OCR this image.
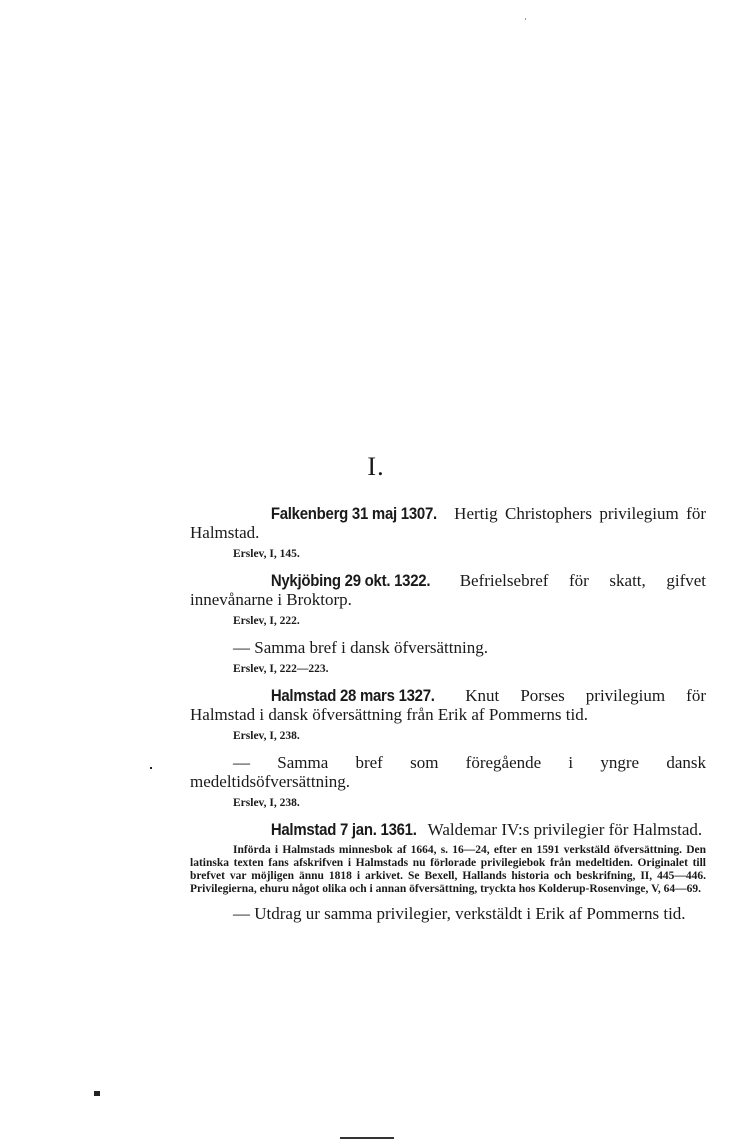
I.

Falkenberg 31 maj 1307. Hertig Christophers privilegium för Halmstad.

Erslev, I, 145.

Nykjöbing 29 okt. 1322. Befrielsebref för skatt, gifvet innevånarne i Broktorp.

Erslev, I, 222.

— Samma bref i dansk öfversättning.

Erslev, I, 222—223.

Halmstad 28 mars 1327. Knut Porses privilegium för Halmstad i dansk öfversättning från Erik af Pommerns tid.

Erslev, I, 238.

— Samma bref som föregående i yngre dansk medeltidsöfversättning.

Erslev, I, 238.

Halmstad 7 jan. 1361. Waldemar IV:s privilegier för Halmstad.

Införda i Halmstads minnesbok af 1664, s. 16—24, efter en 1591 verkstäld öfversättning. Den latinska texten fans afskrifven i Halmstads nu förlorade privilegiebok från medeltiden. Originalet till brefvet var möjligen ännu 1818 i arkivet. Se Bexell, Hallands historia och beskrifning, II, 445—446. Privilegierna, ehuru något olika och i annan öfversättning, tryckta hos Kolderup-Rosenvinge, V, 64—69.

— Utdrag ur samma privilegier, verkstäldt i Erik af Pommerns tid.
